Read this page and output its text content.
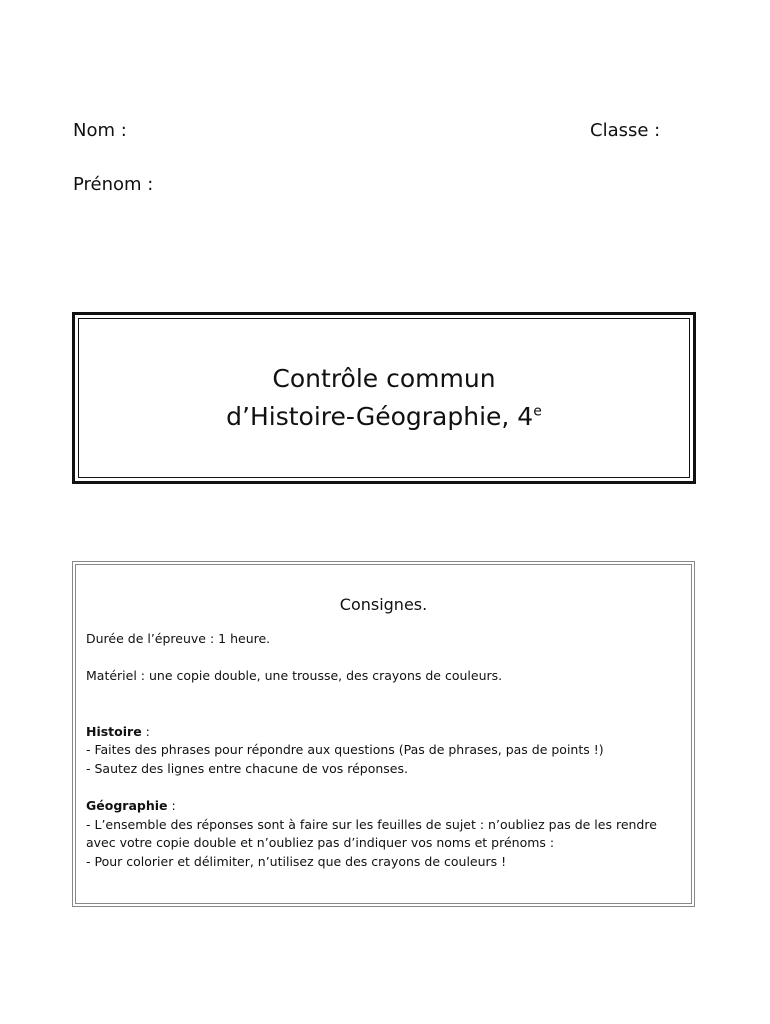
Nom :	Classe :
Prénom :
Contrôle commun
d’Histoire-Géographie, 4e
Consignes.

Durée de l’épreuve : 1 heure.

Matériel : une copie double, une trousse, des crayons de couleurs.

Histoire :

- Faites des phrases pour répondre aux questions (Pas de phrases, pas de points !)

- Sautez des lignes entre chacune de vos réponses.

Géographie :

- L’ensemble des réponses sont à faire sur les feuilles de sujet : n’oubliez pas de les rendre avec votre copie double et n’oubliez pas d’indiquer vos noms et prénoms :

- Pour colorier et délimiter, n’utilisez que des crayons de couleurs !
